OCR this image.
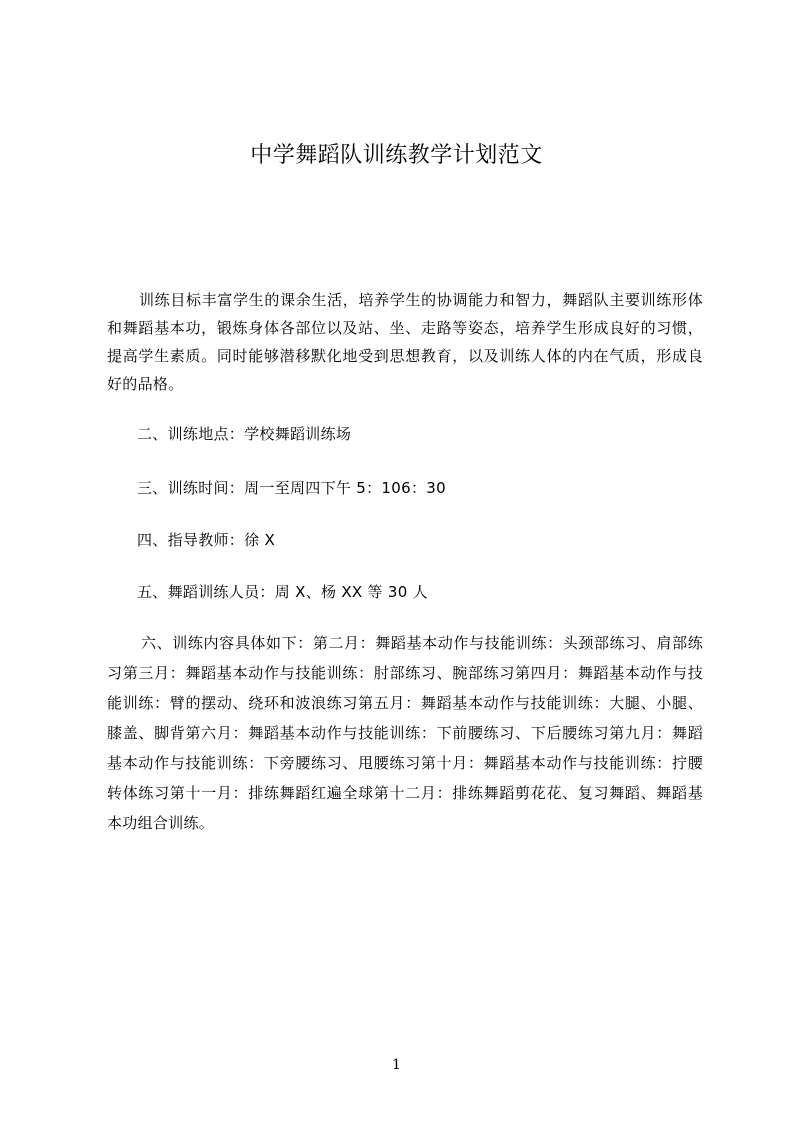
中学舞蹈队训练教学计划范文

训练目标丰富学生的课余生活，培养学生的协调能力和智力，舞蹈队主要训练形体和舞蹈基本功，锻炼身体各部位以及站、坐、走路等姿态，培养学生形成良好的习惯，提高学生素质。同时能够潜移默化地受到思想教育，以及训练人体的内在气质，形成良好的品格。

二、训练地点：学校舞蹈训练场

三、训练时间：周一至周四下午 5：106：30

四、指导教师：徐 X

五、舞蹈训练人员：周 X、杨 XX 等 30 人

六、训练内容具体如下：第二月：舞蹈基本动作与技能训练：头颈部练习、肩部练习第三月：舞蹈基本动作与技能训练：肘部练习、腕部练习第四月：舞蹈基本动作与技能训练：臂的摆动、绕环和波浪练习第五月：舞蹈基本动作与技能训练：大腿、小腿、膝盖、脚背第六月：舞蹈基本动作与技能训练：下前腰练习、下后腰练习第九月：舞蹈基本动作与技能训练：下旁腰练习、甩腰练习第十月：舞蹈基本动作与技能训练：拧腰转体练习第十一月：排练舞蹈红遍全球第十二月：排练舞蹈剪花花、复习舞蹈、舞蹈基本功组合训练。

1
